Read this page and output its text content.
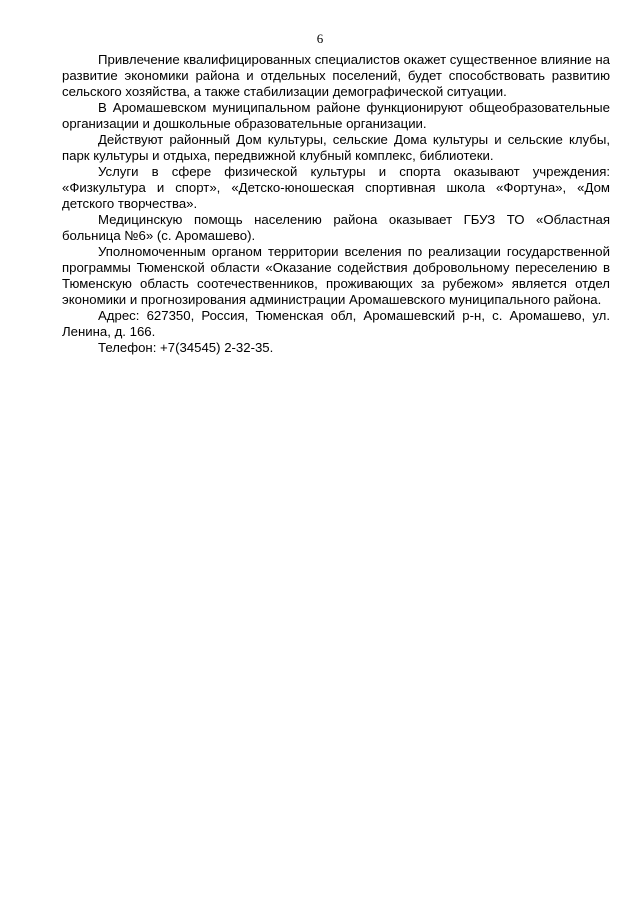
6

Привлечение квалифицированных специалистов окажет существенное влияние на развитие экономики района и отдельных поселений, будет способствовать развитию сельского хозяйства, а также стабилизации демографической ситуации.

В Аромашевском муниципальном районе функционируют общеобразовательные организации и дошкольные образовательные организации.

Действуют районный Дом культуры, сельские Дома культуры и сельские клубы, парк культуры и отдыха, передвижной клубный комплекс, библиотеки.

Услуги в сфере физической культуры и спорта оказывают учреждения: «Физкультура и спорт», «Детско-юношеская спортивная школа «Фортуна», «Дом детского творчества».

Медицинскую помощь населению района оказывает ГБУЗ ТО «Областная больница №6» (с. Аромашево).

Уполномоченным органом территории вселения по реализации государственной программы Тюменской области «Оказание содействия добровольному переселению в Тюменскую область соотечественников, проживающих за рубежом» является отдел экономики и прогнозирования администрации Аромашевского муниципального района.

Адрес: 627350, Россия, Тюменская обл, Аромашевский р-н, с. Аромашево, ул. Ленина, д. 166.

Телефон: +7(34545) 2-32-35.
